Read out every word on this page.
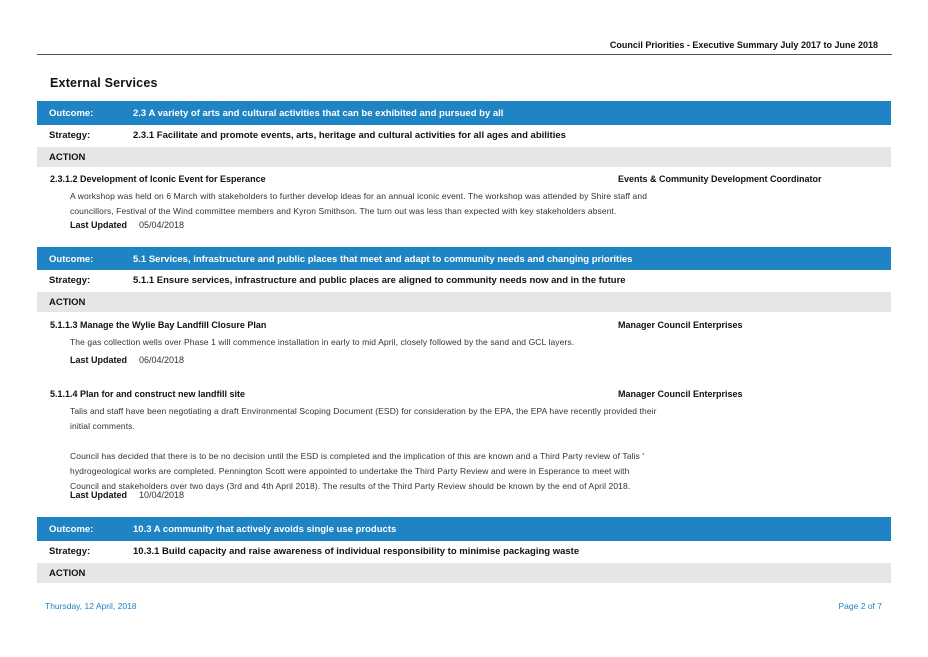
Council Priorities - Executive Summary July 2017 to June 2018
External Services
Outcome:	2.3 A variety of arts and cultural activities that can be exhibited and pursued by all
Strategy:	2.3.1 Facilitate and promote events, arts, heritage and cultural activities for all ages and abilities
ACTION
2.3.1.2 Development of Iconic Event for Esperance	Events & Community Development Coordinator
A workshop was held on 6 March with stakeholders to further develop ideas for an annual iconic event. The workshop was attended by Shire staff and
councillors, Festival of the Wind committee members and Kyron Smithson. The turn out was less than expected with key stakeholders absent.
Last Updated 05/04/2018
Outcome:	5.1 Services, infrastructure and public places that meet and adapt to community needs and changing priorities
Strategy:	5.1.1 Ensure services, infrastructure and public places are aligned to community needs now and in the future
ACTION
5.1.1.3 Manage the Wylie Bay Landfill Closure Plan	Manager Council Enterprises
The gas collection wells over Phase 1 will commence installation in early to mid April, closely followed by the sand and GCL layers.
Last Updated 06/04/2018
5.1.1.4 Plan for and construct new landfill site	Manager Council Enterprises
Talis and staff have been negotiating a draft Environmental Scoping Document (ESD) for consideration by the EPA, the EPA have recently provided their
initial comments.
Council has decided that there is to be no decision until the ESD is completed and the implication of this are known and a Third Party review of Talis '
hydrogeological works are completed. Pennington Scott were appointed to undertake the Third Party Review and were in Esperance to meet with
Council and stakeholders over two days (3rd and 4th April 2018). The results of the Third Party Review should be known by the end of April 2018.
Last Updated 10/04/2018
Outcome:	10.3 A community that actively avoids single use products
Strategy:	10.3.1 Build capacity and raise awareness of individual responsibility to minimise packaging waste
ACTION
Thursday, 12 April, 2018	Page 2 of 7
